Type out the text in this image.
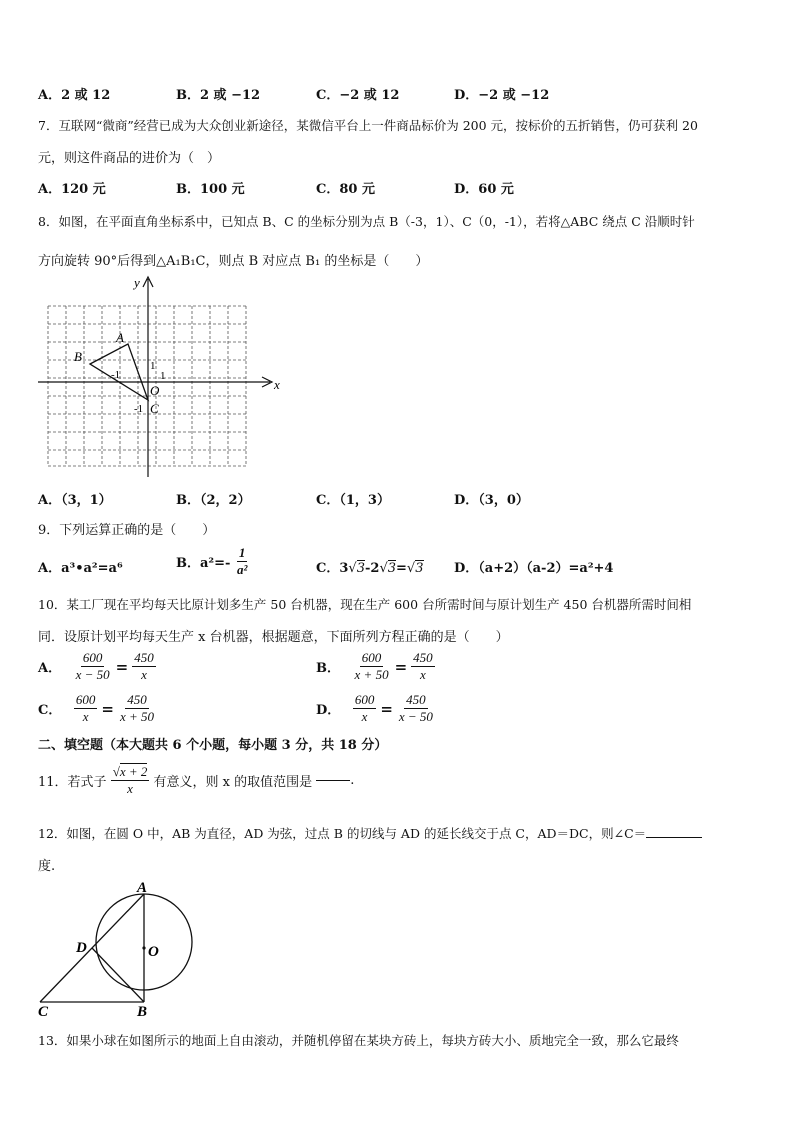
A．2 或 12	B．2 或 −12	C．−2 或 12	D．−2 或 −12
7．互联网“微商”经营已成为大众创业新途径，某微信平台上一件商品标价为 200 元，按标价的五折销售，仍可获利 20
元，则这件商品的进价为（　）
A．120 元	B．100 元	C．80 元	D．60 元
8．如图，在平面直角坐标系中，已知点 B、C 的坐标分别为点 B（-3，1）、C（0，-1），若将△ABC 绕点 C 沿顺时针
方向旋转 90°后得到△A₁B₁C，则点 B 对应点 B₁ 的坐标是（　　）
x
y
A
B
C
O
1
1
-1
-1
A．（3，1）	B．（2，2）	C．（1，3）	D．（3，0）
9．下列运算正确的是（　　）
A．a³•a²=a⁶	B．$a^2=- \frac{1}{\text{a²}}$	C．3√3-2√3=√3 D．（a+2）（a-2）=a²+4
10．某工厂现在平均每天比原计划多生产 50 台机器，现在生产 600 台所需时间与原计划生产 450 台机器所需时间相
同．设原计划平均每天生产 x 台机器，根据题意，下面所列方程正确的是（　　）
A． $\frac{600}{x - 50} = \frac{450}{x}$	B． $\frac{600}{x + 50} = \frac{450}{x}$
C． $\frac{600}{x} = \frac{450}{x + 50}$	D． $\frac{600}{x} = \frac{450}{x - 50}$
二、填空题（本大题共 6 个小题，每小题 3 分，共 18 分）
11．若式子 $\frac{√x + 2}{x}$ 有意义，则 x 的取值范围是	.
12．如图，在圆 O 中，AB 为直径，AD 为弦，过点 B 的切线与 AD 的延长线交于点 C，AD＝DC，则∠C＝
度.
A
B
C
D	O
13．如果小球在如图所示的地面上自由滚动，并随机停留在某块方砖上，每块方砖大小、质地完全一致，那么它最终
